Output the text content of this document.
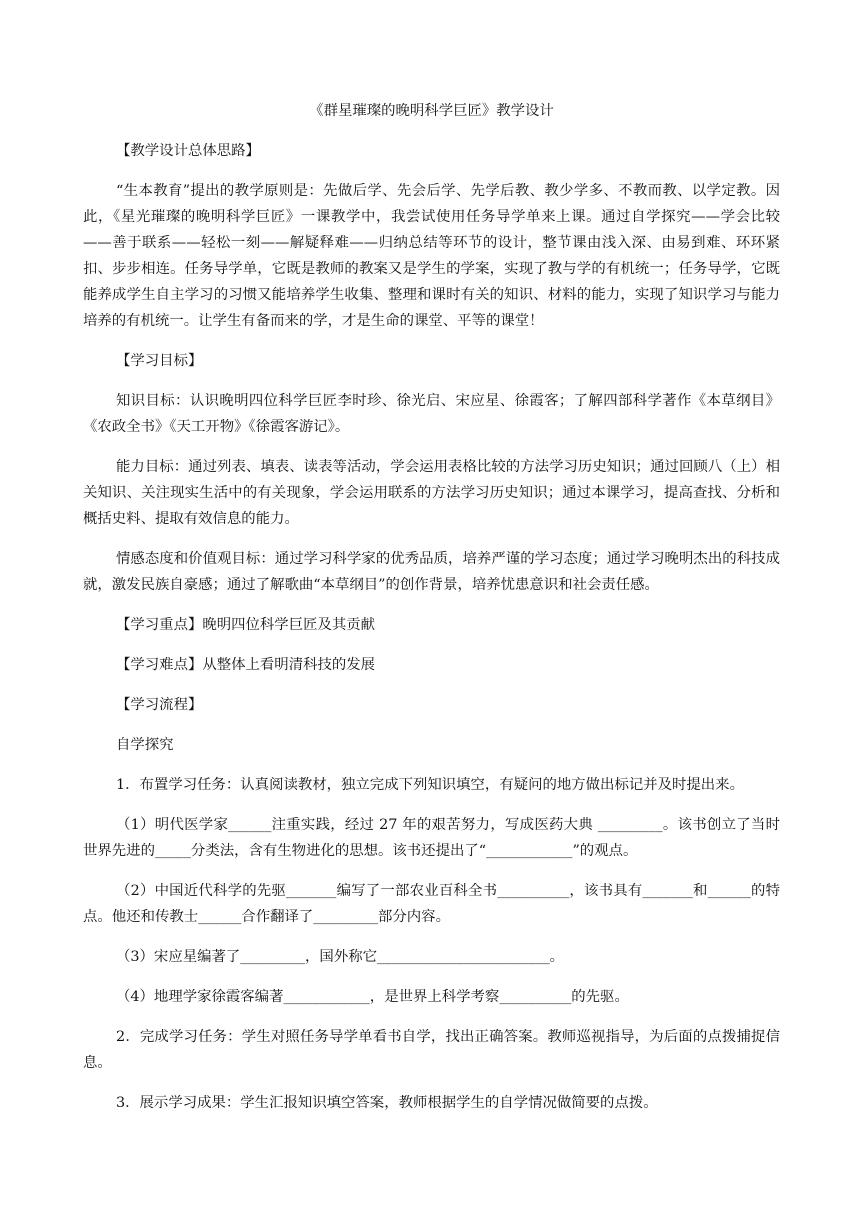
《群星璀璨的晚明科学巨匠》教学设计

【教学设计总体思路】

“生本教育”提出的教学原则是：先做后学、先会后学、先学后教、教少学多、不教而教、以学定教。因此，《星光璀璨的晚明科学巨匠》一课教学中，我尝试使用任务导学单来上课。通过自学探究——学会比较——善于联系——轻松一刻——解疑释难——归纳总结等环节的设计，整节课由浅入深、由易到难、环环紧扣、步步相连。任务导学单，它既是教师的教案又是学生的学案，实现了教与学的有机统一；任务导学，它既能养成学生自主学习的习惯又能培养学生收集、整理和课时有关的知识、材料的能力，实现了知识学习与能力培养的有机统一。让学生有备而来的学，才是生命的课堂、平等的课堂！

【学习目标】

知识目标：认识晚明四位科学巨匠李时珍、徐光启、宋应星、徐霞客；了解四部科学著作《本草纲目》《农政全书》《天工开物》《徐霞客游记》。

能力目标：通过列表、填表、读表等活动，学会运用表格比较的方法学习历史知识；通过回顾八（上）相关知识、关注现实生活中的有关现象，学会运用联系的方法学习历史知识；通过本课学习，提高查找、分析和概括史料、提取有效信息的能力。

情感态度和价值观目标：通过学习科学家的优秀品质，培养严谨的学习态度；通过学习晚明杰出的科技成就，激发民族自豪感；通过了解歌曲“本草纲目”的创作背景，培养忧患意识和社会责任感。

【学习重点】晚明四位科学巨匠及其贡献

【学习难点】从整体上看明清科技的发展

【学习流程】

自学探究

1．布置学习任务：认真阅读教材，独立完成下列知识填空，有疑问的地方做出标记并及时提出来。

（1）明代医学家______注重实践，经过 27 年的艰苦努力，写成医药大典 _________。该书创立了当时世界先进的_____分类法，含有生物进化的思想。该书还提出了“____________”的观点。

（2）中国近代科学的先驱_______编写了一部农业百科全书__________，该书具有_______和______的特点。他还和传教士______合作翻译了_________部分内容。

（3）宋应星编著了_________，国外称它________________________。

（4）地理学家徐霞客编著____________，是世界上科学考察__________的先驱。

2．完成学习任务：学生对照任务导学单看书自学，找出正确答案。教师巡视指导，为后面的点拨捕捉信息。

3．展示学习成果：学生汇报知识填空答案，教师根据学生的自学情况做简要的点拨。
